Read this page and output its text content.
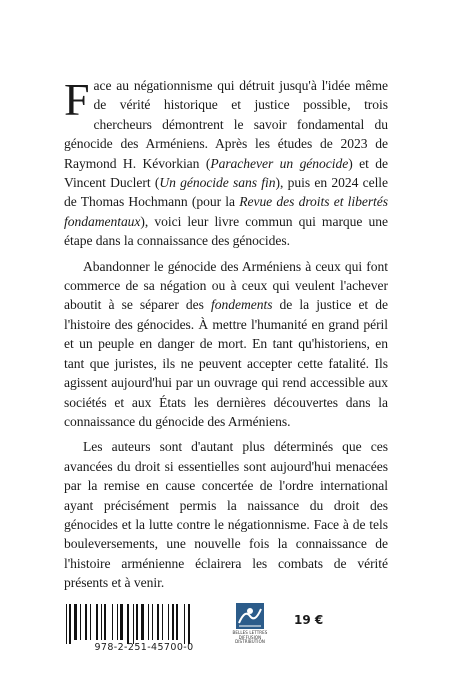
Face au négationnisme qui détruit jusqu'à l'idée même de vérité historique et justice possible, trois chercheurs démontrent le savoir fondamental du génocide des Arméniens. Après les études de 2023 de Raymond H. Kévorkian (Parachever un génocide) et de Vincent Duclert (Un génocide sans fin), puis en 2024 celle de Thomas Hochmann (pour la Revue des droits et libertés fondamentaux), voici leur livre commun qui marque une étape dans la connaissance des génocides.

Abandonner le génocide des Arméniens à ceux qui font commerce de sa négation ou à ceux qui veulent l'achever aboutit à se séparer des fondements de la justice et de l'histoire des génocides. À mettre l'humanité en grand péril et un peuple en danger de mort. En tant qu'historiens, en tant que juristes, ils ne peuvent accepter cette fatalité. Ils agissent aujourd'hui par un ouvrage qui rend accessible aux sociétés et aux États les dernières découvertes dans la connaissance du génocide des Arméniens.

Les auteurs sont d'autant plus déterminés que ces avancées du droit si essentielles sont aujourd'hui menacées par la remise en cause concertée de l'ordre international ayant précisément permis la naissance du droit des génocides et la lutte contre le négationnisme. Face à de tels bouleversements, une nouvelle fois la connaissance de l'histoire arménienne éclairera les combats de vérité présents et à venir.

978-2-251-45700-0
BELLES LETTRES DIFFUSION DISTRIBUTION
19 €
